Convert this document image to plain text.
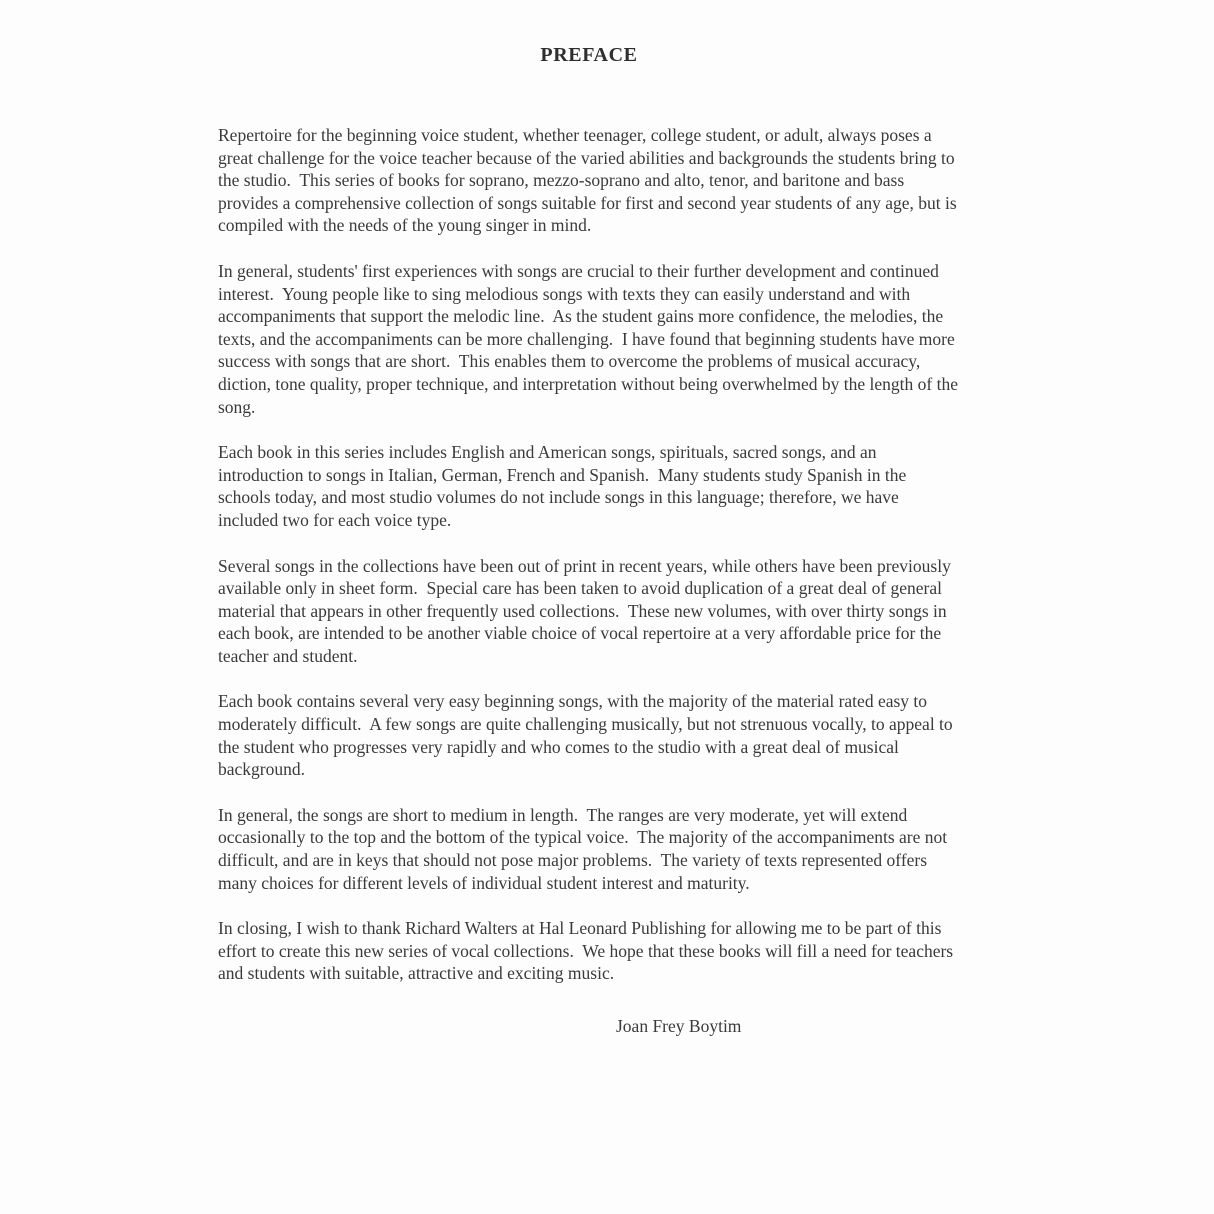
PREFACE

Repertoire for the beginning voice student, whether teenager, college student, or adult, always poses a great challenge for the voice teacher because of the varied abilities and backgrounds the students bring to the studio.  This series of books for soprano, mezzo-soprano and alto, tenor, and baritone and bass provides a comprehensive collection of songs suitable for first and second year students of any age, but is compiled with the needs of the young singer in mind.

In general, students' first experiences with songs are crucial to their further development and continued interest.  Young people like to sing melodious songs with texts they can easily understand and with accompaniments that support the melodic line.  As the student gains more confidence, the melodies, the texts, and the accompaniments can be more challenging.  I have found that beginning students have more success with songs that are short.  This enables them to overcome the problems of musical accuracy, diction, tone quality, proper technique, and interpretation without being overwhelmed by the length of the song.

Each book in this series includes English and American songs, spirituals, sacred songs, and an introduction to songs in Italian, German, French and Spanish.  Many students study Spanish in the schools today, and most studio volumes do not include songs in this language; therefore, we have included two for each voice type.

Several songs in the collections have been out of print in recent years, while others have been previously available only in sheet form.  Special care has been taken to avoid duplication of a great deal of general material that appears in other frequently used collections.  These new volumes, with over thirty songs in each book, are intended to be another viable choice of vocal repertoire at a very affordable price for the teacher and student.

Each book contains several very easy beginning songs, with the majority of the material rated easy to moderately difficult.  A few songs are quite challenging musically, but not strenuous vocally, to appeal to the student who progresses very rapidly and who comes to the studio with a great deal of musical background.

In general, the songs are short to medium in length.  The ranges are very moderate, yet will extend occasionally to the top and the bottom of the typical voice.  The majority of the accompaniments are not difficult, and are in keys that should not pose major problems.  The variety of texts represented offers many choices for different levels of individual student interest and maturity.

In closing, I wish to thank Richard Walters at Hal Leonard Publishing for allowing me to be part of this effort to create this new series of vocal collections.  We hope that these books will fill a need for teachers and students with suitable, attractive and exciting music.

Joan Frey Boytim
